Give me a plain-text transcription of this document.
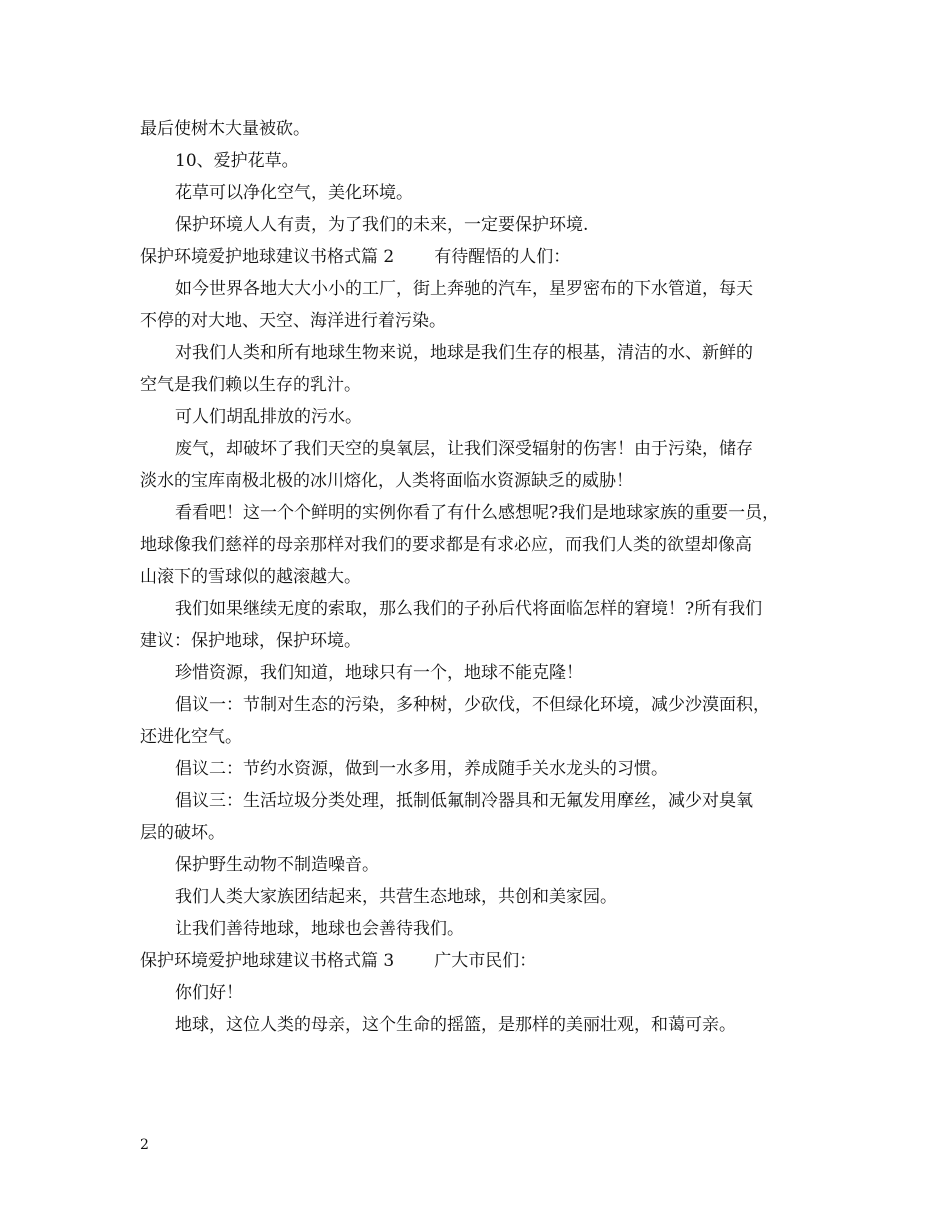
最后使树木大量被砍。
10、爱护花草。
花草可以净化空气，美化环境。
保护环境人人有责，为了我们的未来，一定要保护环境.
保护环境爱护地球建议书格式篇 2 有待醒悟的人们：
如今世界各地大大小小的工厂，街上奔驰的汽车，星罗密布的下水管道，每天
不停的对大地、天空、海洋进行着污染。
对我们人类和所有地球生物来说，地球是我们生存的根基，清洁的水、新鲜的
空气是我们赖以生存的乳汁。
可人们胡乱排放的污水。
废气，却破坏了我们天空的臭氧层，让我们深受辐射的伤害！由于污染，储存
淡水的宝库南极北极的冰川熔化，人类将面临水资源缺乏的威胁！
看看吧！这一个个鲜明的实例你看了有什么感想呢?我们是地球家族的重要一员，
地球像我们慈祥的母亲那样对我们的要求都是有求必应，而我们人类的欲望却像高
山滚下的雪球似的越滚越大。
我们如果继续无度的索取，那么我们的子孙后代将面临怎样的窘境！?所有我们
建议：保护地球，保护环境。
珍惜资源，我们知道，地球只有一个，地球不能克隆！
倡议一：节制对生态的污染，多种树，少砍伐，不但绿化环境，减少沙漠面积，
还进化空气。
倡议二：节约水资源，做到一水多用，养成随手关水龙头的习惯。
倡议三：生活垃圾分类处理，抵制低氟制冷器具和无氟发用摩丝，减少对臭氧
层的破坏。
保护野生动物不制造噪音。
我们人类大家族团结起来，共营生态地球，共创和美家园。
让我们善待地球，地球也会善待我们。
保护环境爱护地球建议书格式篇 3 广大市民们：
你们好！
地球，这位人类的母亲，这个生命的摇篮，是那样的美丽壮观，和蔼可亲。
2
